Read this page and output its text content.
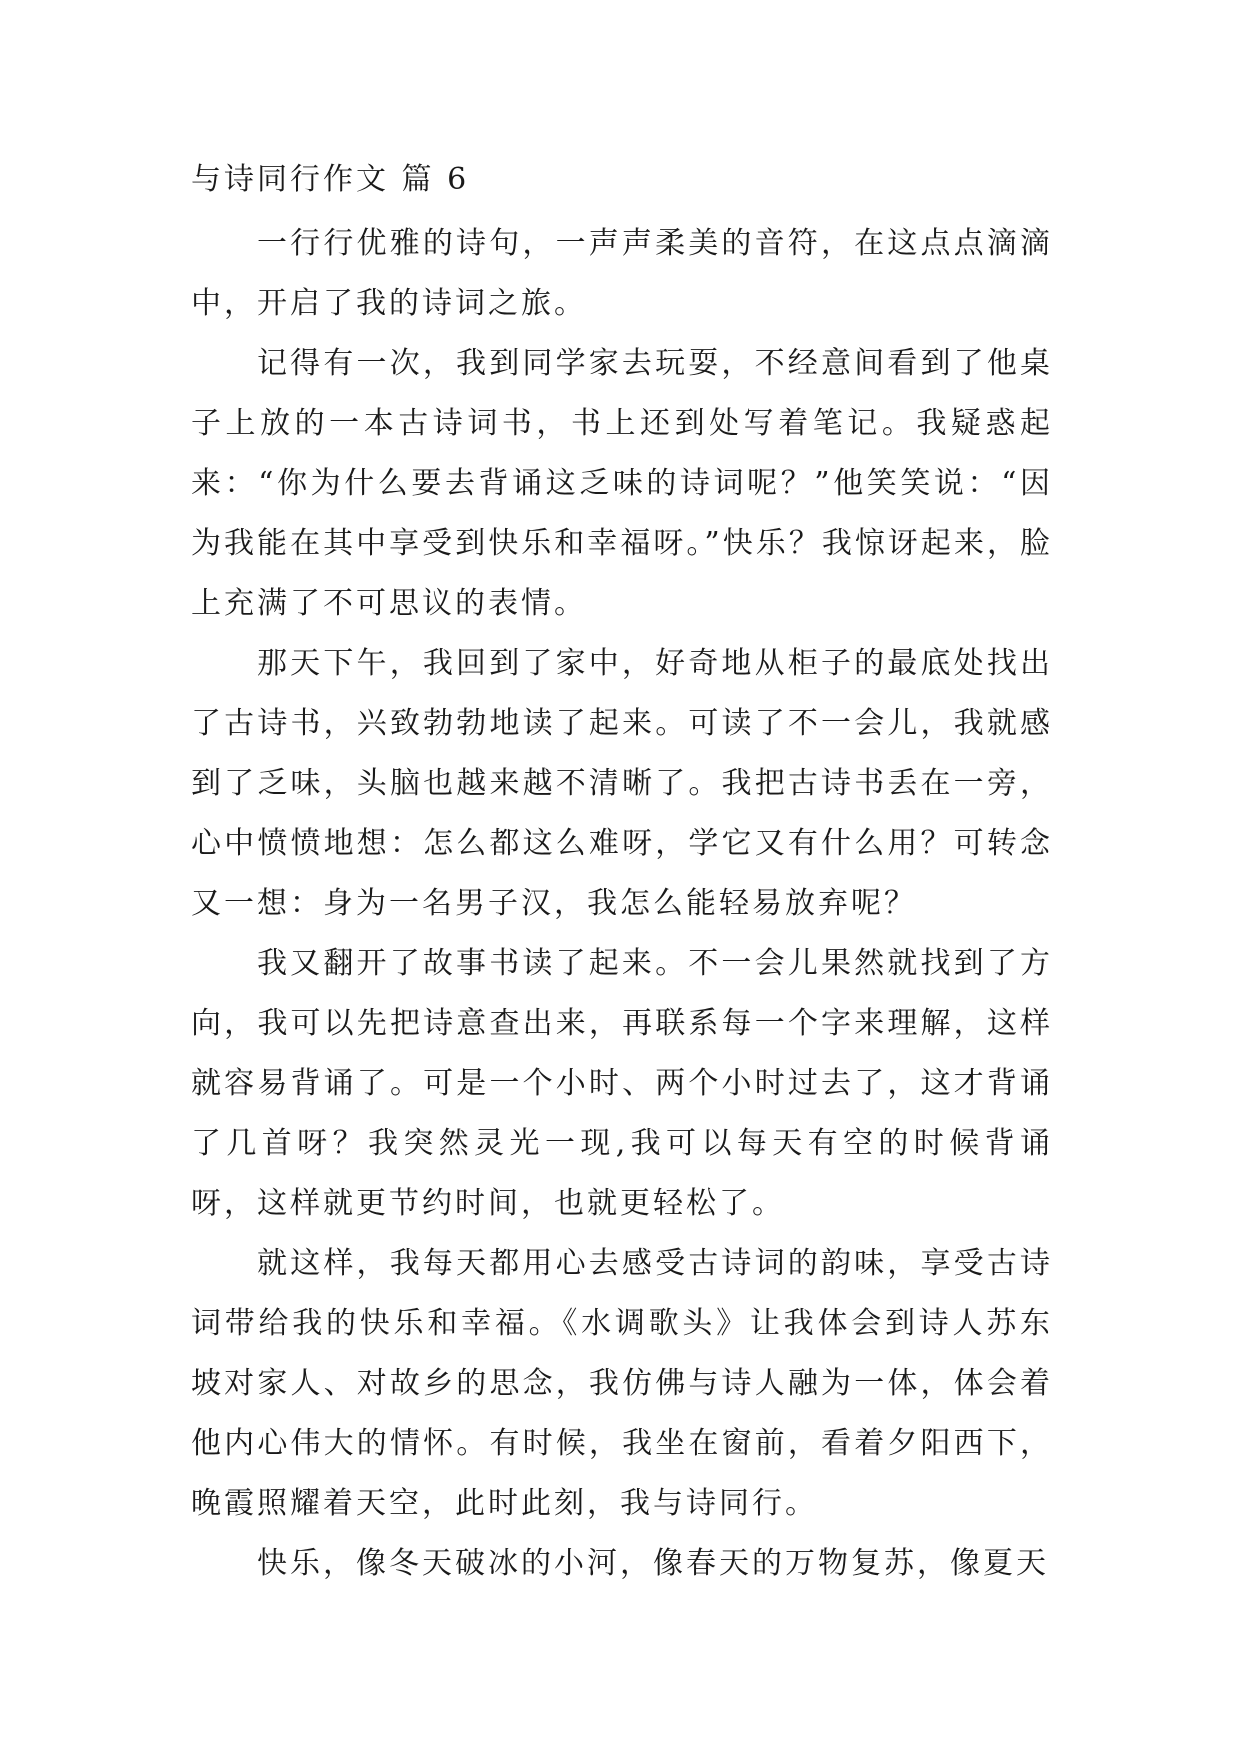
与诗同行作文 篇 6

一行行优雅的诗句，一声声柔美的音符，在这点点滴滴中，开启了我的诗词之旅。

记得有一次，我到同学家去玩耍，不经意间看到了他桌子上放的一本古诗词书，书上还到处写着笔记。我疑惑起来：“你为什么要去背诵这乏味的诗词呢？”他笑笑说：“因为我能在其中享受到快乐和幸福呀。”快乐？我惊讶起来，脸上充满了不可思议的表情。

那天下午，我回到了家中，好奇地从柜子的最底处找出了古诗书，兴致勃勃地读了起来。可读了不一会儿，我就感到了乏味，头脑也越来越不清晰了。我把古诗书丢在一旁，心中愤愤地想：怎么都这么难呀，学它又有什么用？可转念又一想：身为一名男子汉，我怎么能轻易放弃呢？

我又翻开了故事书读了起来。不一会儿果然就找到了方向，我可以先把诗意查出来，再联系每一个字来理解，这样就容易背诵了。可是一个小时、两个小时过去了，这才背诵了几首呀？我突然灵光一现,我可以每天有空的时候背诵呀，这样就更节约时间，也就更轻松了。

就这样，我每天都用心去感受古诗词的韵味，享受古诗词带给我的快乐和幸福。《水调歌头》让我体会到诗人苏东坡对家人、对故乡的思念，我仿佛与诗人融为一体，体会着他内心伟大的情怀。有时候，我坐在窗前，看着夕阳西下，晚霞照耀着天空，此时此刻，我与诗同行。

快乐，像冬天破冰的小河，像春天的万物复苏，像夏天
